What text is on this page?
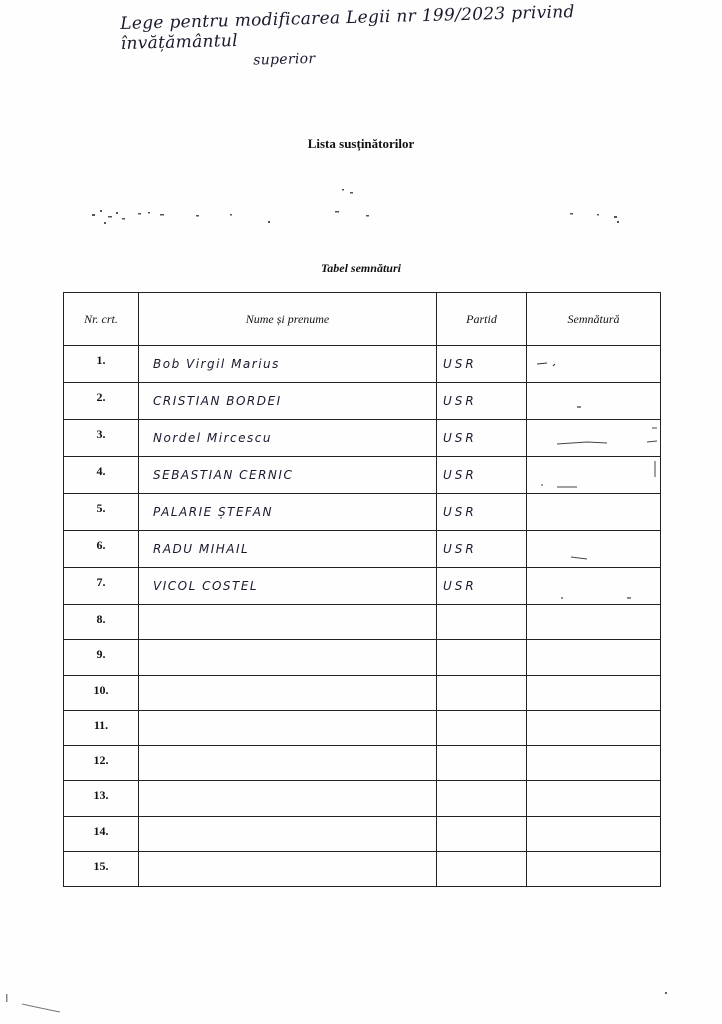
Lege pentru modificarea Legii nr 199/2023 privind învățământul
superior
Lista susținătorilor
Tabel semnături
Nr. crt.	Nume și prenume	Partid	Semnătură
1.	Bob Virgil Marius	USR	
2.	CRISTIAN BORDEI	USR	
3.	Nordel Mircescu	USR	
4.	SEBASTIAN CERNIC	USR	
5.	PALARIE ȘTEFAN	USR	
6.	RADU MIHAIL	USR	
7.	VICOL COSTEL	USR	
8.			
9.			
10.			
11.			
12.			
13.			
14.			
15.			
